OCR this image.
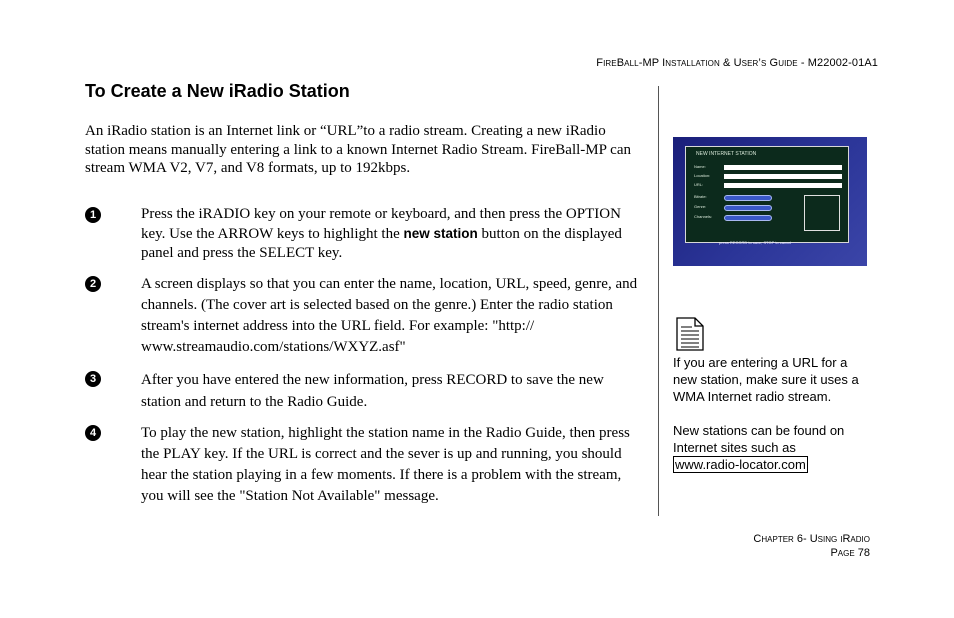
FireBall-MP Installation & User’s Guide - M22002-01A1
To Create a New iRadio Station
An iRadio station is an Internet link or “URL”to a radio stream. Creating a new iRadio station means manually entering a link to a known Internet Radio Stream. FireBall-MP can stream WMA V2, V7, and V8 formats, up to 192kbps.
1	Press the iRADIO key on your remote or keyboard, and then press the OPTION key. Use the ARROW keys to highlight the new station button on the displayed panel and press the SELECT key.
2	A screen displays so that you can enter the name, location, URL, speed, genre, and channels. (The cover art is selected based on the genre.) Enter the radio station stream's internet address into the URL field. For example: "http:// www.streamaudio.com/stations/WXYZ.asf"
3	After you have entered the new information, press RECORD to save the new station and return to the Radio Guide.
4	To play the new station, highlight the station name in the Radio Guide, then press the PLAY key. If the URL is correct and the sever is up and running, you should hear the station playing in a few moments. If there is a problem with the stream, you will see the "Station Not Available" message.
NEW INTERNET STATION
Name:
Location:
URL:
Bitrate:
Genre:
Channels:
press RECORD to save, STOP to cancel
If you are entering a URL for a new station, make sure it uses a WMA Internet radio stream.
New stations can be found on Internet sites such as
www.radio-locator.com
Chapter 6- Using iRadio
Page 78
